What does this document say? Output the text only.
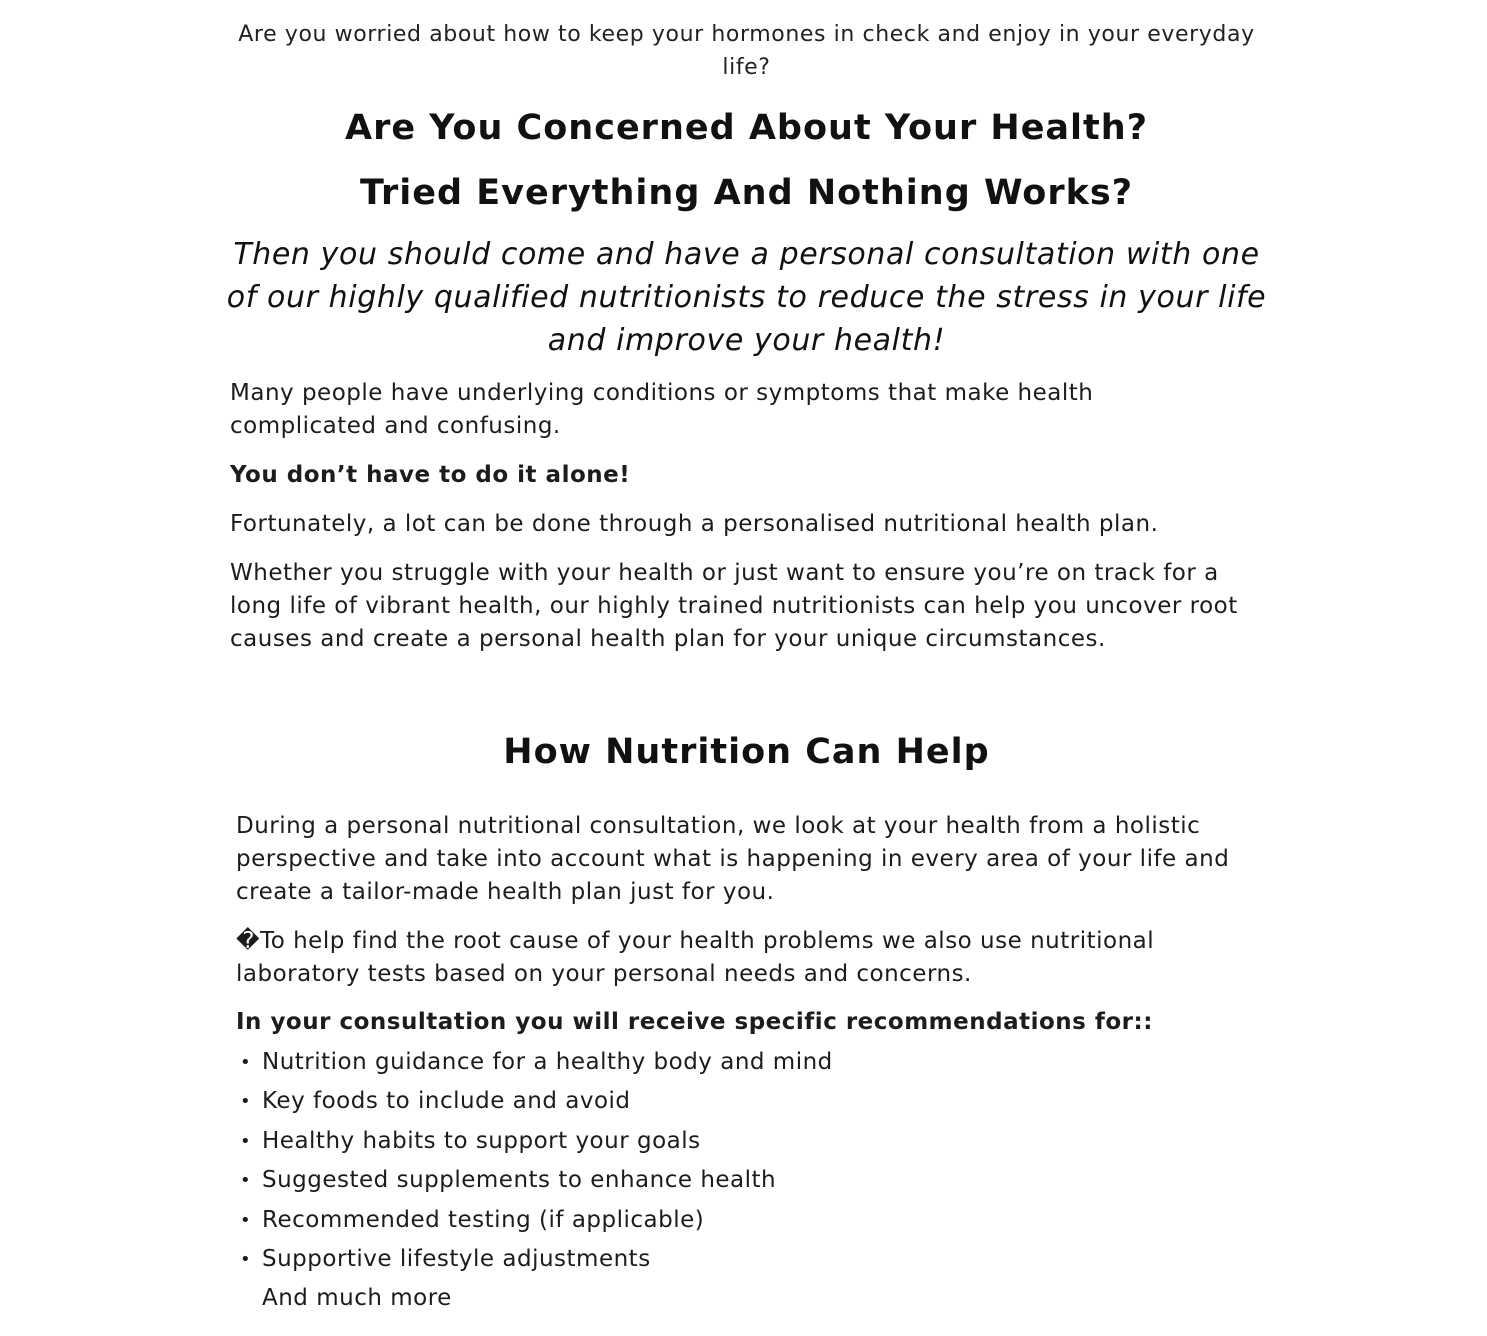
Are you worried about how to keep your hormones in check and enjoy in your everyday life?

Are You Concerned About Your Health?
Tried Everything And Nothing Works?

Then you should come and have a personal consultation with one of our highly qualified nutritionists to reduce the stress in your life and improve your health!

Many people have underlying conditions or symptoms that make health complicated and confusing.

You don’t have to do it alone!

Fortunately, a lot can be done through a personalised nutritional health plan.

Whether you struggle with your health or just want to ensure you’re on track for a long life of vibrant health, our highly trained nutritionists can help you uncover root causes and create a personal health plan for your unique circumstances.

How Nutrition Can Help

During a personal nutritional consultation, we look at your health from a holistic perspective and take into account what is happening in every area of your life and create a tailor-made health plan just for you.

�To help find the root cause of your health problems we also use nutritional laboratory tests based on your personal needs and concerns.

In your consultation you will receive specific recommendations for::

• Nutrition guidance for a healthy body and mind
• Key foods to include and avoid
• Healthy habits to support your goals
• Suggested supplements to enhance health
• Recommended testing (if applicable)
• Supportive lifestyle adjustments
And much more
